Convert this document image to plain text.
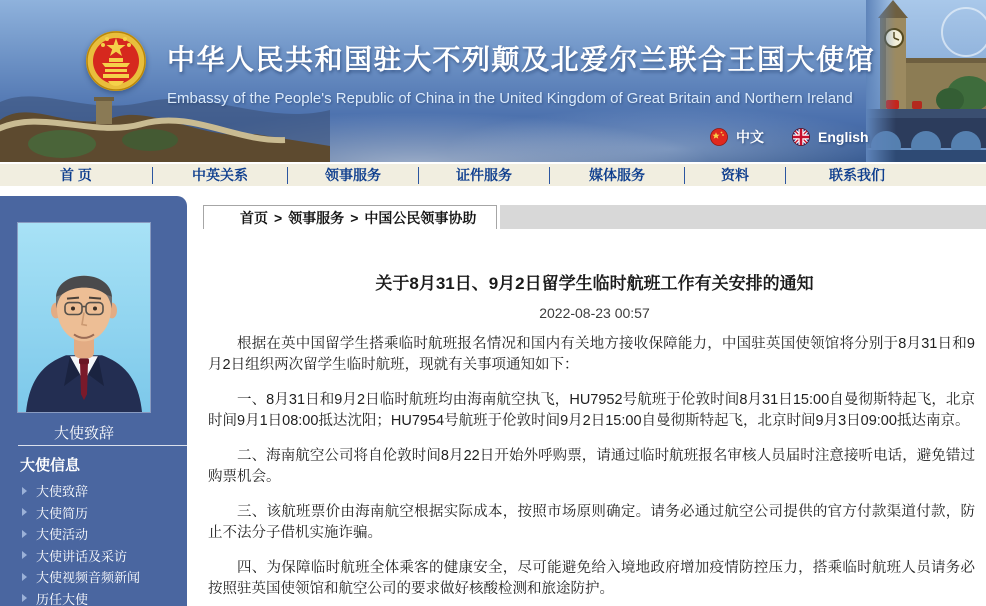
中华人民共和国驻大不列颠及北爱尔兰联合王国大使馆
Embassy of the People's Republic of China in the United Kingdom of Great Britain and Northern Ireland
中文	English
首 页	中英关系	领事服务	证件服务	媒体服务	资料	联系我们
大使致辞
大使信息
大使致辞
大使简历
大使活动
大使讲话及采访
大使视频音频新闻
历任大使
首页 > 领事服务 > 中国公民领事协助
关于8月31日、9月2日留学生临时航班工作有关安排的通知
2022-08-23 00:57

根据在英中国留学生搭乘临时航班报名情况和国内有关地方接收保障能力，中国驻英国使领馆将分别于8月31日和9月2日组织两次留学生临时航班，现就有关事项通知如下：

一、8月31日和9月2日临时航班均由海南航空执飞，HU7952号航班于伦敦时间8月31日15:00自曼彻斯特起飞，北京时间9月1日08:00抵达沈阳；HU7954号航班于伦敦时间9月2日15:00自曼彻斯特起飞，北京时间9月3日09:00抵达南京。

二、海南航空公司将自伦敦时间8月22日开始外呼购票，请通过临时航班报名审核人员届时注意接听电话，避免错过购票机会。

三、该航班票价由海南航空根据实际成本，按照市场原则确定。请务必通过航空公司提供的官方付款渠道付款，防止不法分子借机实施诈骗。

四、为保障临时航班全体乘客的健康安全，尽可能避免给入境地政府增加疫情防控压力，搭乘临时航班人员请务必按照驻英国使领馆和航空公司的要求做好核酸检测和旅途防护。
